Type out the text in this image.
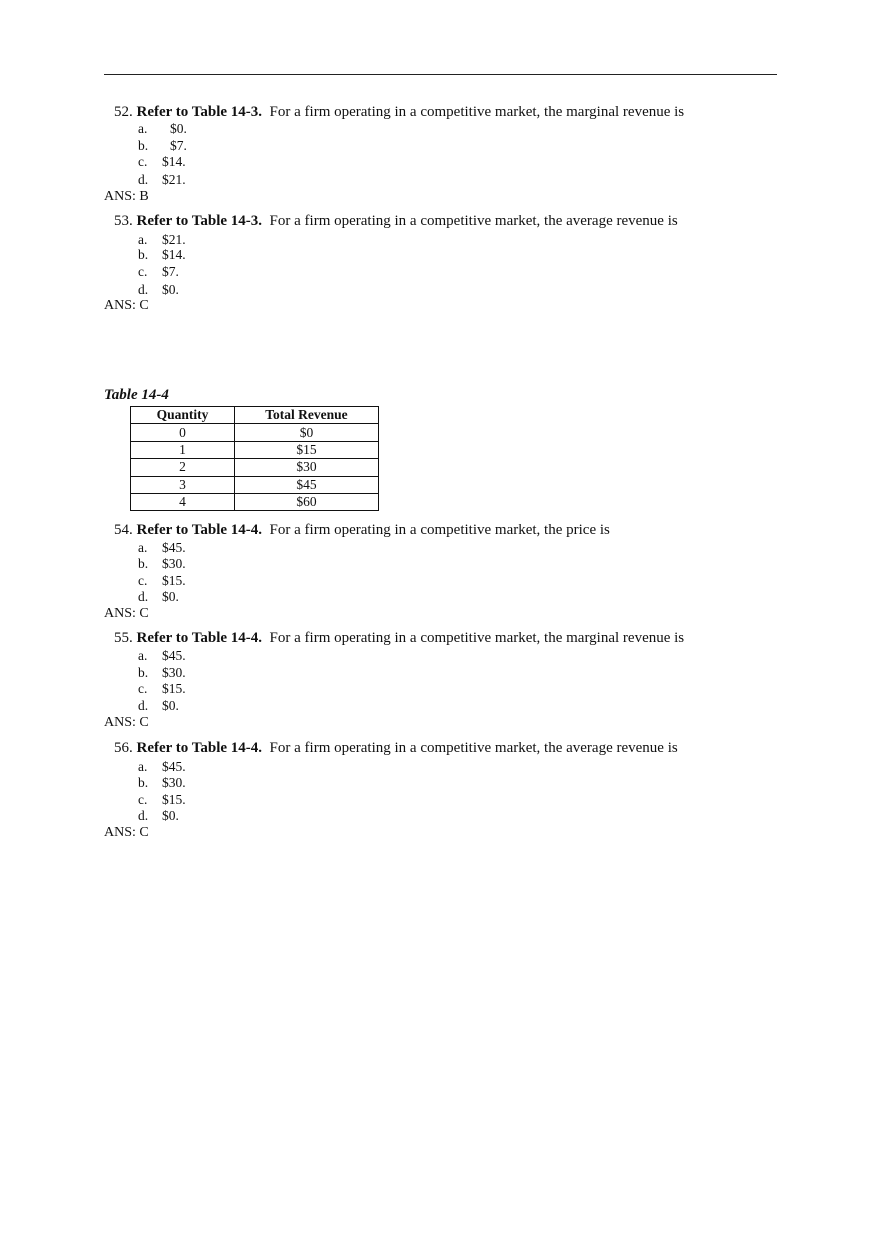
52. Refer to Table 14-3. For a firm operating in a competitive market, the marginal revenue is
a. $0.
b. $7.
c. $14.
d. $21.
ANS: B
53. Refer to Table 14-3. For a firm operating in a competitive market, the average revenue is
a. $21.
b. $14.
c. $7.
d. $0.
ANS: C
Table 14-4
Quantity	Total Revenue
0	$0
1	$15
2	$30
3	$45
4	$60
54. Refer to Table 14-4. For a firm operating in a competitive market, the price is
a. $45.
b. $30.
c. $15.
d. $0.
ANS: C
55. Refer to Table 14-4. For a firm operating in a competitive market, the marginal revenue is
a. $45.
b. $30.
c. $15.
d. $0.
ANS: C
56. Refer to Table 14-4. For a firm operating in a competitive market, the average revenue is
a. $45.
b. $30.
c. $15.
d. $0.
ANS: C
